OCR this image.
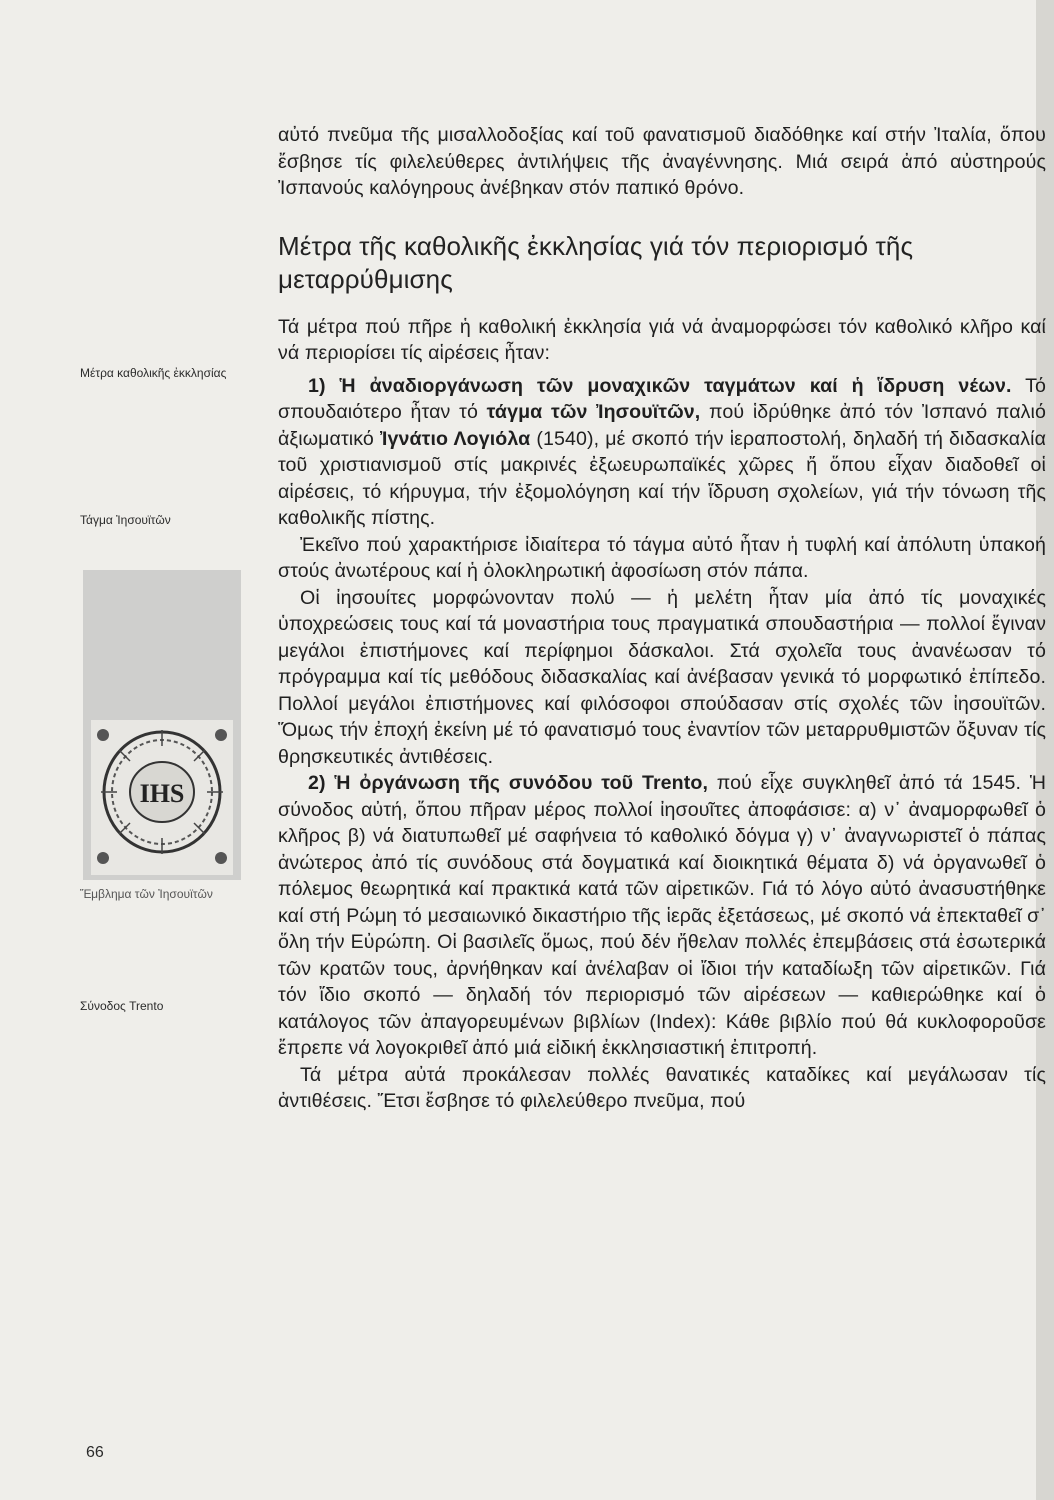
Μέτρα καθολικῆς ἐκκλησίας
Τάγμα Ἰησουϊτῶν
IHS
Ἔμβλημα τῶν Ἰησουϊτῶν
Σύνοδος Trento
66

αὐτό πνεῦμα τῆς μισαλλοδοξίας καί τοῦ φανατισμοῦ διαδόθηκε καί στήν Ἰταλία, ὅπου ἔσβησε τίς φιλελεύθερες ἀντιλήψεις τῆς ἀναγέννησης. Μιά σειρά ἀπό αὐστηρούς Ἰσπανούς καλόγηρους ἀνέβηκαν στόν παπικό θρόνο.

Μέτρα τῆς καθολικῆς ἐκκλησίας γιά τόν περιορισμό τῆς μεταρρύθμισης

Τά μέτρα πού πῆρε ἡ καθολική ἐκκλησία γιά νά ἀναμορφώσει τόν καθολικό κλῆρο καί νά περιορίσει τίς αἱρέσεις ἦταν:

1) Ἡ ἀναδιοργάνωση τῶν μοναχικῶν ταγμάτων καί ἡ ἵδρυση νέων. Τό σπουδαιότερο ἦταν τό τάγμα τῶν Ἰησουϊτῶν, πού ἱδρύθηκε ἀπό τόν Ἰσπανό παλιό ἀξιωματικό Ἰγνάτιο Λογιόλα (1540), μέ σκοπό τήν ἱεραποστολή, δηλαδή τή διδασκαλία τοῦ χριστιανισμοῦ στίς μακρινές ἐξωευρωπαϊκές χῶρες ἤ ὅπου εἶχαν διαδοθεῖ οἱ αἱρέσεις, τό κήρυγμα, τήν ἐξομολόγηση καί τήν ἵδρυση σχολείων, γιά τήν τόνωση τῆς καθολικῆς πίστης.

Ἐκεῖνο πού χαρακτήρισε ἰδιαίτερα τό τάγμα αὐτό ἦταν ἡ τυφλή καί ἀπόλυτη ὑπακοή στούς ἀνωτέρους καί ἡ ὁλοκληρωτική ἀφοσίωση στόν πάπα.

Οἱ ἰησουίτες μορφώνονταν πολύ — ἡ μελέτη ἦταν μία ἀπό τίς μοναχικές ὑποχρεώσεις τους καί τά μοναστήρια τους πραγματικά σπουδαστήρια — πολλοί ἔγιναν μεγάλοι ἐπιστήμονες καί περίφημοι δάσκαλοι. Στά σχολεῖα τους ἀνανέωσαν τό πρόγραμμα καί τίς μεθόδους διδασκαλίας καί ἀνέβασαν γενικά τό μορφωτικό ἐπίπεδο. Πολλοί μεγάλοι ἐπιστήμονες καί φιλόσοφοι σπούδασαν στίς σχολές τῶν ἰησουϊτῶν. Ὅμως τήν ἐποχή ἐκείνη μέ τό φανατισμό τους ἐναντίον τῶν μεταρρυθμιστῶν ὄξυναν τίς θρησκευτικές ἀντιθέσεις.

2) Ἡ ὀργάνωση τῆς συνόδου τοῦ Trento, πού εἶχε συγκληθεῖ ἀπό τά 1545. Ἡ σύνοδος αὐτή, ὅπου πῆραν μέρος πολλοί ἰησουῖτες ἀποφάσισε: α) ν᾿ ἀναμορφωθεῖ ὁ κλῆρος β) νά διατυπωθεῖ μέ σαφήνεια τό καθολικό δόγμα γ) ν᾿ ἀναγνωριστεῖ ὁ πάπας ἀνώτερος ἀπό τίς συνόδους στά δογματικά καί διοικητικά θέματα δ) νά ὀργανωθεῖ ὁ πόλεμος θεωρητικά καί πρακτικά κατά τῶν αἱρετικῶν. Γιά τό λόγο αὐτό ἀνασυστήθηκε καί στή Ρώμη τό μεσαιωνικό δικαστήριο τῆς ἱερᾶς ἐξετάσεως, μέ σκοπό νά ἐπεκταθεῖ σ᾿ ὅλη τήν Εὐρώπη. Οἱ βασιλεῖς ὅμως, πού δέν ἤθελαν πολλές ἐπεμβάσεις στά ἐσωτερικά τῶν κρατῶν τους, ἀρνήθηκαν καί ἀνέλαβαν οἱ ἴδιοι τήν καταδίωξη τῶν αἱρετικῶν. Γιά τόν ἴδιο σκοπό — δηλαδή τόν περιορισμό τῶν αἱρέσεων — καθιερώθηκε καί ὁ κατάλογος τῶν ἀπαγορευμένων βιβλίων (Index): Κάθε βιβλίο πού θά κυκλοφοροῦσε ἔπρεπε νά λογοκριθεῖ ἀπό μιά εἰδική ἐκκλησιαστική ἐπιτροπή.

Τά μέτρα αὐτά προκάλεσαν πολλές θανατικές καταδίκες καί μεγάλωσαν τίς ἀντιθέσεις. Ἔτσι ἔσβησε τό φιλελεύθερο πνεῦμα, πού
